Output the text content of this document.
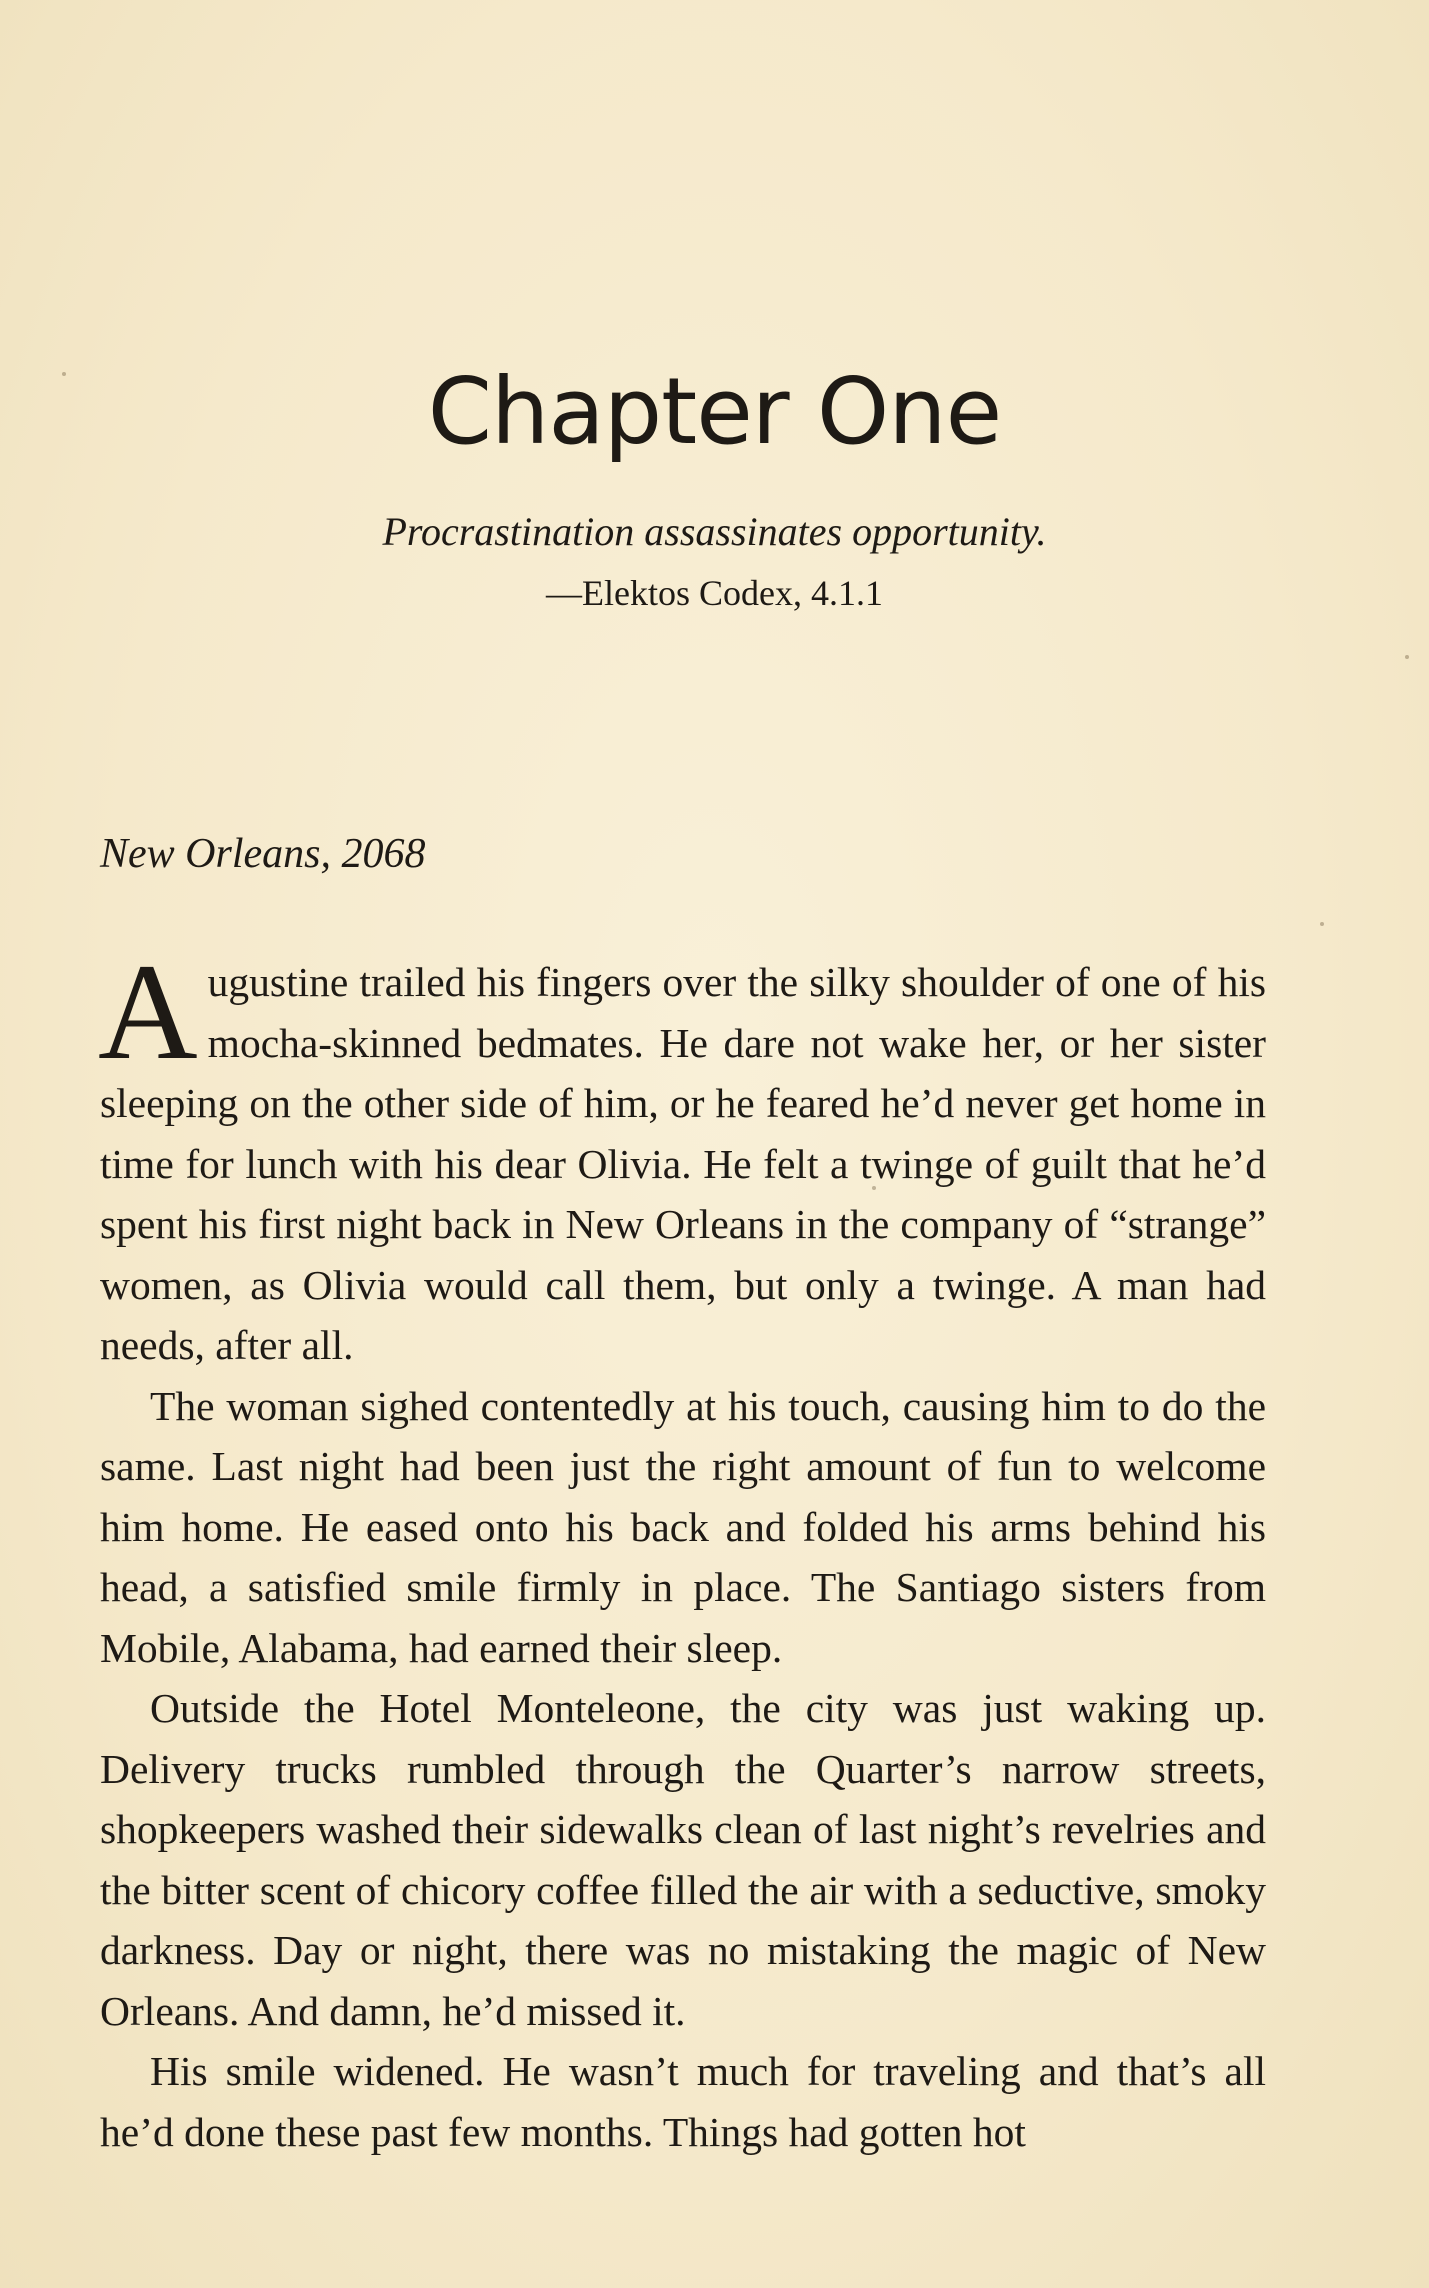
Chapter One

Procrastination assassinates opportunity.

—Elektos Codex, 4.1.1

New Orleans, 2068

Augustine trailed his fingers over the silky shoulder of one of his mocha-skinned bedmates. He dare not wake her, or her sister sleeping on the other side of him, or he feared he’d never get home in time for lunch with his dear Olivia. He felt a twinge of guilt that he’d spent his first night back in New Orleans in the company of “strange” women, as Olivia would call them, but only a twinge. A man had needs, after all.

The woman sighed contentedly at his touch, causing him to do the same. Last night had been just the right amount of fun to welcome him home. He eased onto his back and folded his arms behind his head, a satisfied smile firmly in place. The Santiago sisters from Mobile, Alabama, had earned their sleep.

Outside the Hotel Monteleone, the city was just waking up. Delivery trucks rumbled through the Quarter’s narrow streets, shopkeepers washed their sidewalks clean of last night’s revelries and the bitter scent of chicory coffee filled the air with a seductive, smoky darkness. Day or night, there was no mistaking the magic of New Orleans. And damn, he’d missed it.

His smile widened. He wasn’t much for traveling and that’s all he’d done these past few months. Things had gotten hot
